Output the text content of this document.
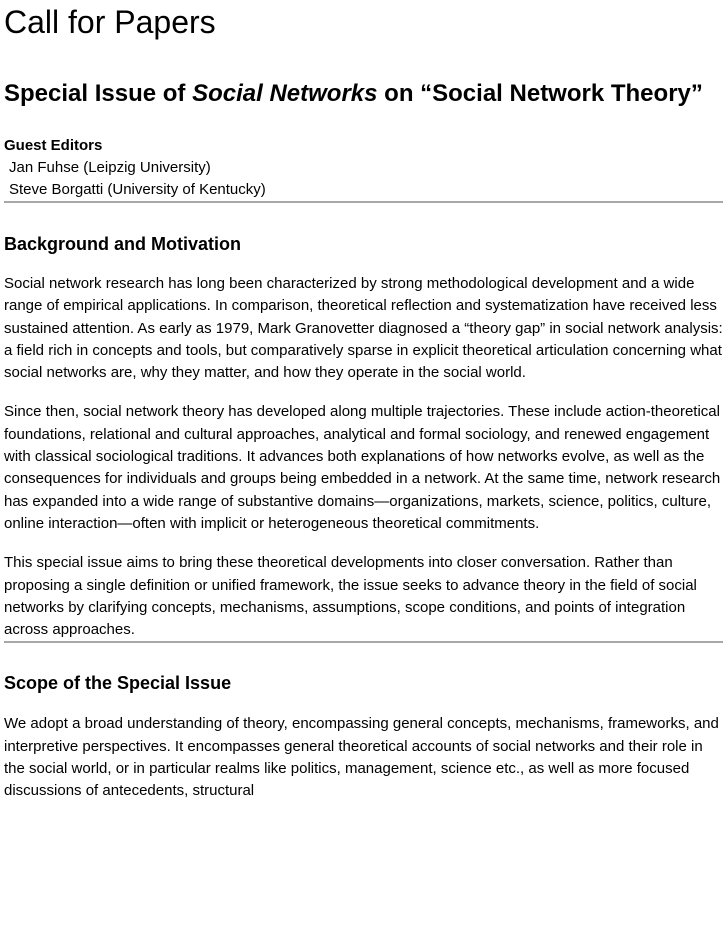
Call for Papers
Special Issue of Social Networks on “Social Network Theory”
Guest Editors
Jan Fuhse (Leipzig University)
Steve Borgatti (University of Kentucky)
Background and Motivation

Social network research has long been characterized by strong methodological development and a wide range of empirical applications. In comparison, theoretical reflection and systematization have received less sustained attention. As early as 1979, Mark Granovetter diagnosed a “theory gap” in social network analysis: a field rich in concepts and tools, but comparatively sparse in explicit theoretical articulation concerning what social networks are, why they matter, and how they operate in the social world.

Since then, social network theory has developed along multiple trajectories. These include action-theoretical foundations, relational and cultural approaches, analytical and formal sociology, and renewed engagement with classical sociological traditions. It advances both explanations of how networks evolve, as well as the consequences for individuals and groups being embedded in a network. At the same time, network research has expanded into a wide range of substantive domains—organizations, markets, science, politics, culture, online interaction—often with implicit or heterogeneous theoretical commitments.

This special issue aims to bring these theoretical developments into closer conversation. Rather than proposing a single definition or unified framework, the issue seeks to advance theory in the field of social networks by clarifying concepts, mechanisms, assumptions, scope conditions, and points of integration across approaches.

Scope of the Special Issue

We adopt a broad understanding of theory, encompassing general concepts, mechanisms, frameworks, and interpretive perspectives. It encompasses general theoretical accounts of social networks and their role in the social world, or in particular realms like politics, management, science etc., as well as more focused discussions of antecedents, structural
